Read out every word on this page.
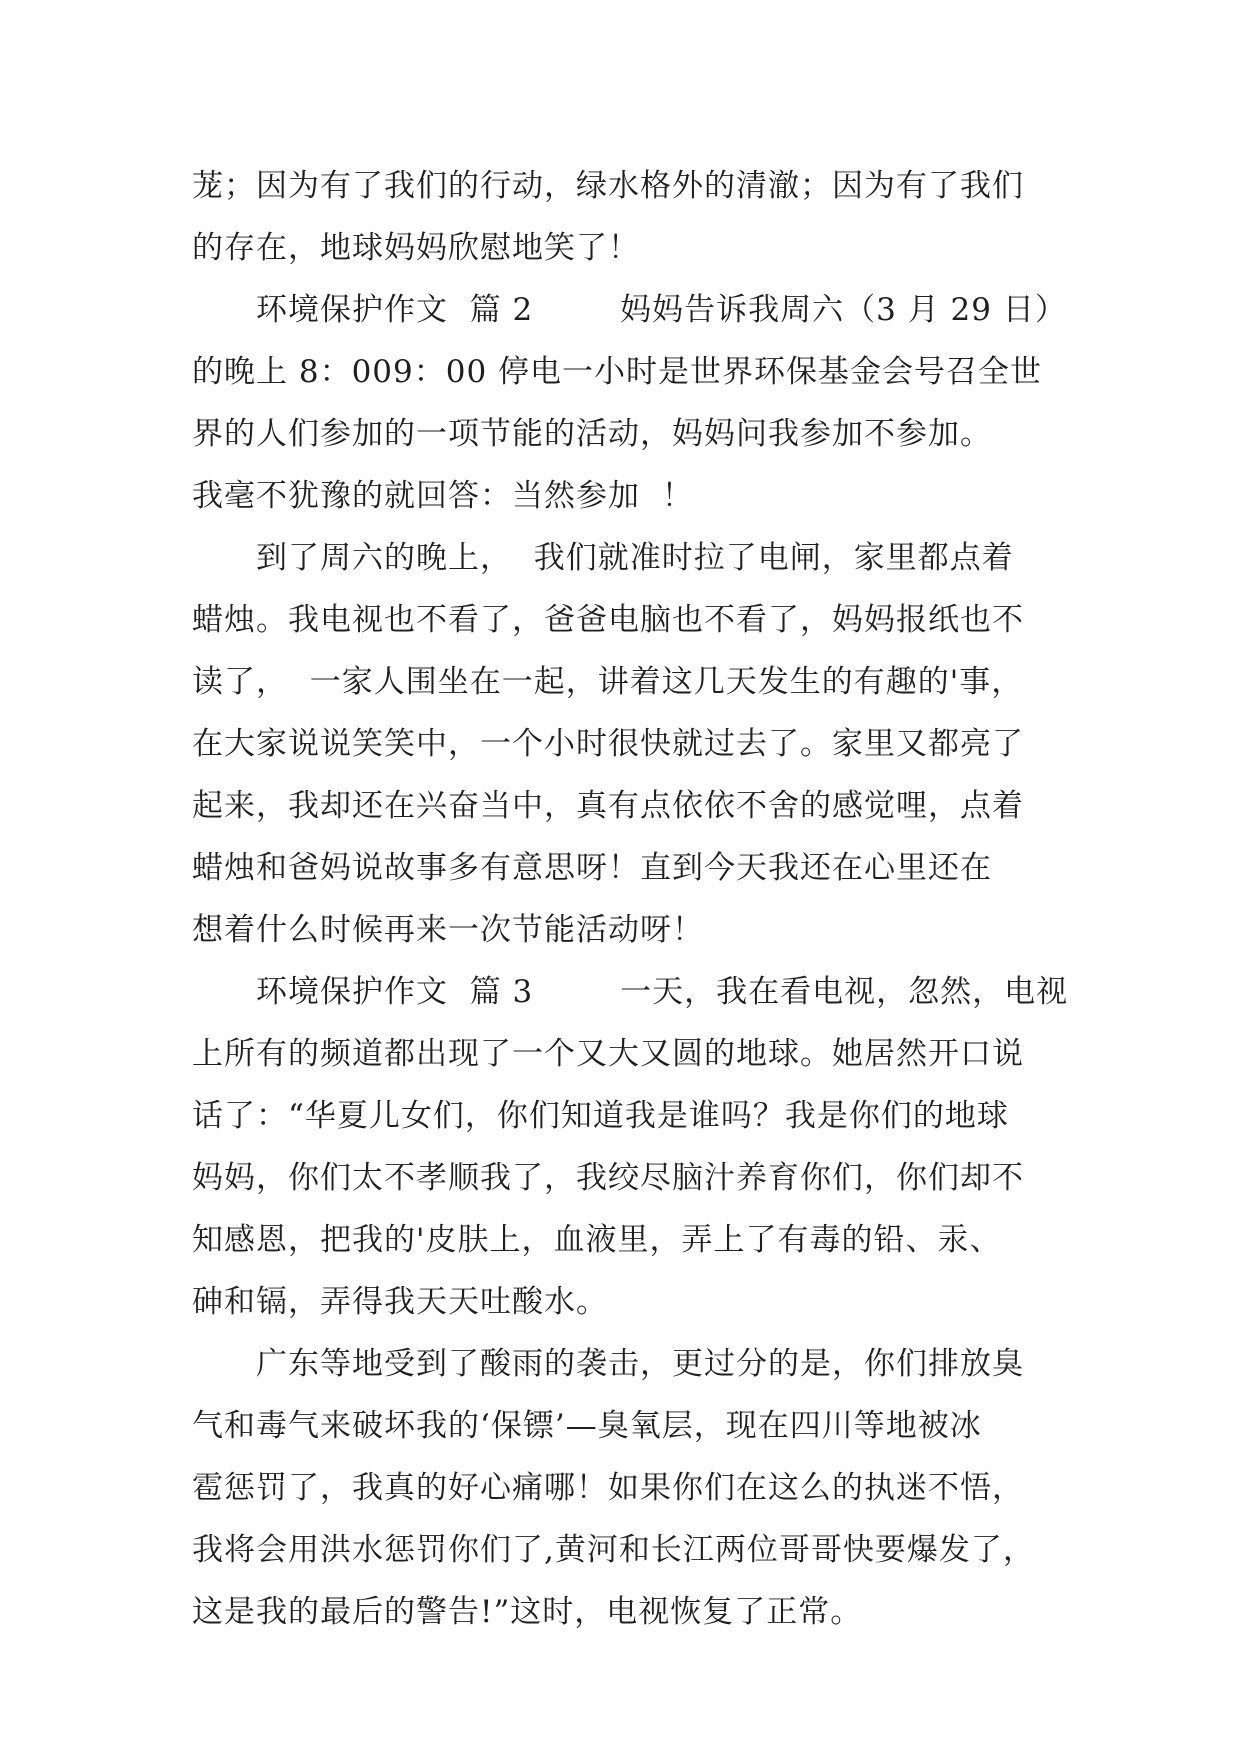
茏；因为有了我们的行动，绿水格外的清澈；因为有了我们
的存在，地球妈妈欣慰地笑了！
环境保护作文  篇 2        妈妈告诉我周六（3 月 29 日）
的晚上 8：009：00 停电一小时是世界环保基金会号召全世
界的人们参加的一项节能的活动，妈妈问我参加不参加。
我毫不犹豫的就回答：当然参加  ！
到了周六的晚上，  我们就准时拉了电闸，家里都点着
蜡烛。我电视也不看了，爸爸电脑也不看了，妈妈报纸也不
读了，  一家人围坐在一起，讲着这几天发生的有趣的'事，
在大家说说笑笑中，一个小时很快就过去了。家里又都亮了
起来，我却还在兴奋当中，真有点依依不舍的感觉哩，点着
蜡烛和爸妈说故事多有意思呀！直到今天我还在心里还在
想着什么时候再来一次节能活动呀！
环境保护作文  篇 3        一天，我在看电视，忽然，电视
上所有的频道都出现了一个又大又圆的地球。她居然开口说
话了：“华夏儿女们，你们知道我是谁吗？我是你们的地球
妈妈，你们太不孝顺我了，我绞尽脑汁养育你们，你们却不
知感恩，把我的'皮肤上，血液里，弄上了有毒的铅、汞、
砷和镉，弄得我天天吐酸水。
广东等地受到了酸雨的袭击，更过分的是，你们排放臭
气和毒气来破坏我的‘保镖’—臭氧层，现在四川等地被冰
雹惩罚了，我真的好心痛哪！如果你们在这么的执迷不悟，
我将会用洪水惩罚你们了,黄河和长江两位哥哥快要爆发了，
这是我的最后的警告!”这时，电视恢复了正常。
